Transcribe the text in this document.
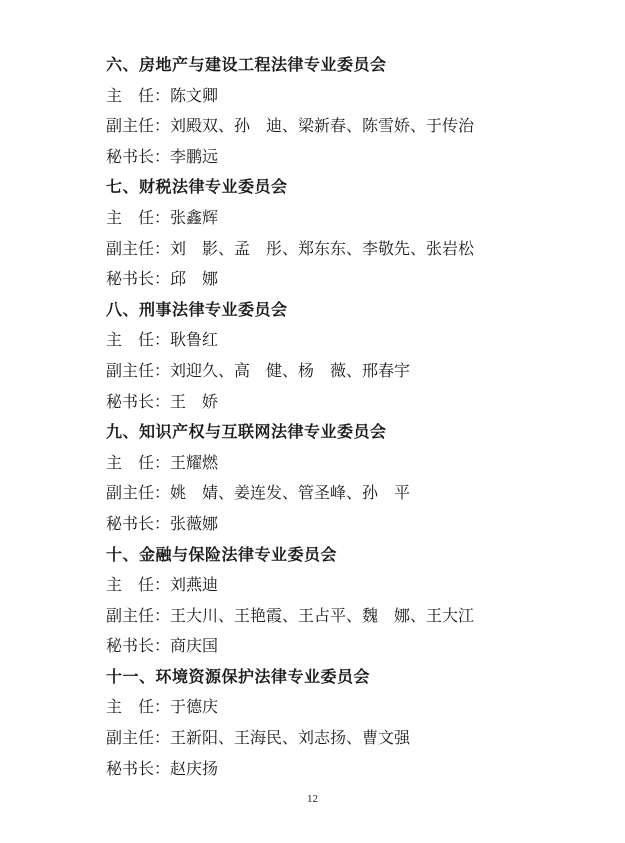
六、房地产与建设工程法律专业委员会
主　任：陈文卿
副主任：刘殿双、孙　迪、梁新春、陈雪娇、于传治
秘书长：李鹏远
七、财税法律专业委员会
主　任：张鑫辉
副主任：刘　影、孟　彤、郑东东、李敬先、张岩松
秘书长：邱　娜
八、刑事法律专业委员会
主　任：耿鲁红
副主任：刘迎久、高　健、杨　薇、邢春宇
秘书长：王　娇
九、知识产权与互联网法律专业委员会
主　任：王耀燃
副主任：姚　婧、姜连发、管圣峰、孙　平
秘书长：张薇娜
十、金融与保险法律专业委员会
主　任：刘燕迪
副主任：王大川、王艳霞、王占平、魏　娜、王大江
秘书长：商庆国
十一、环境资源保护法律专业委员会
主　任：于德庆
副主任：王新阳、王海民、刘志扬、曹文强
秘书长：赵庆扬
12
